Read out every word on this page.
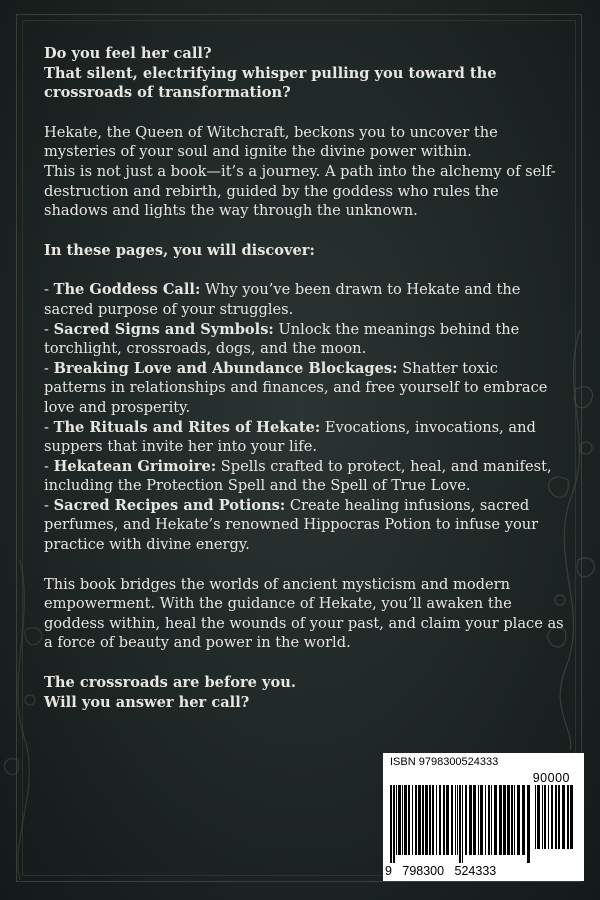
Do you feel her call?

That silent, electrifying whisper pulling you toward the crossroads of transformation?

Hekate, the Queen of Witchcraft, beckons you to uncover the mysteries of your soul and ignite the divine power within.

This is not just a book—it’s a journey. A path into the alchemy of self-destruction and rebirth, guided by the goddess who rules the shadows and lights the way through the unknown.

In these pages, you will discover:

- The Goddess Call: Why you’ve been drawn to Hekate and the sacred purpose of your struggles.

- Sacred Signs and Symbols: Unlock the meanings behind the torchlight, crossroads, dogs, and the moon.

- Breaking Love and Abundance Blockages: Shatter toxic patterns in relationships and finances, and free yourself to embrace love and prosperity.

- The Rituals and Rites of Hekate: Evocations, invocations, and suppers that invite her into your life.

- Hekatean Grimoire: Spells crafted to protect, heal, and manifest, including the Protection Spell and the Spell of True Love.

- Sacred Recipes and Potions: Create healing infusions, sacred perfumes, and Hekate’s renowned Hippocras Potion to infuse your practice with divine energy.

This book bridges the worlds of ancient mysticism and modern empowerment. With the guidance of Hekate, you’ll awaken the goddess within, heal the wounds of your past, and claim your place as a force of beauty and power in the world.

The crossroads are before you.

Will you answer her call?

ISBN 9798300524333
90000
9 798300 524333
